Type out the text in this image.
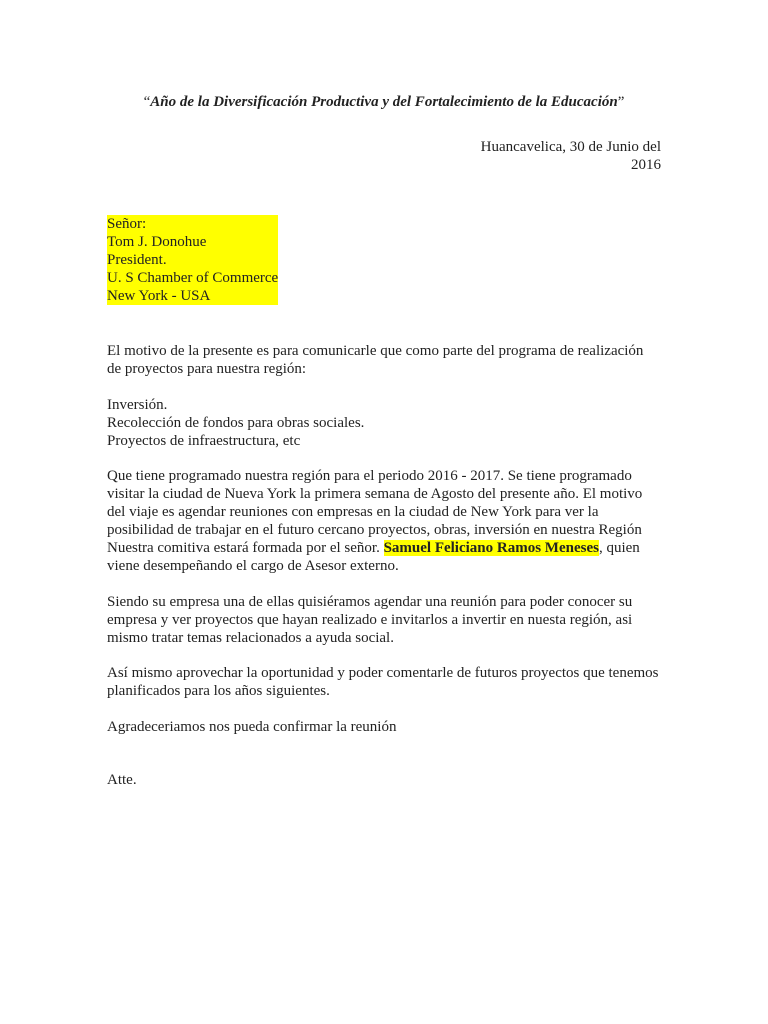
“Año de la Diversificación Productiva y del Fortalecimiento de la Educación”
Huancavelica, 30 de Junio del
2016
Señor:
Tom J. Donohue
President.
U. S Chamber of Commerce
New York - USA
El motivo de la presente es para comunicarle que como parte del programa de realización
de proyectos para nuestra región:
Inversión.
Recolección de fondos para obras sociales.
Proyectos de infraestructura, etc
Que tiene programado nuestra región para el periodo 2016 - 2017. Se tiene programado
visitar la ciudad de Nueva York la primera semana de Agosto del presente año. El motivo
del viaje es agendar reuniones con empresas en la ciudad de New York para ver la
posibilidad de trabajar en el futuro cercano proyectos, obras, inversión en nuestra Región
Nuestra comitiva estará formada por el señor. Samuel Feliciano Ramos Meneses, quien
viene desempeñando el cargo de Asesor externo.
Siendo su empresa una de ellas quisiéramos agendar una reunión para poder conocer su
empresa y ver proyectos que hayan realizado e invitarlos a invertir en nuesta región, asi
mismo tratar temas relacionados a ayuda social.
Así mismo aprovechar la oportunidad y poder comentarle de futuros proyectos que tenemos
planificados para los años siguientes.
Agradeceriamos nos pueda confirmar la reunión
Atte.
